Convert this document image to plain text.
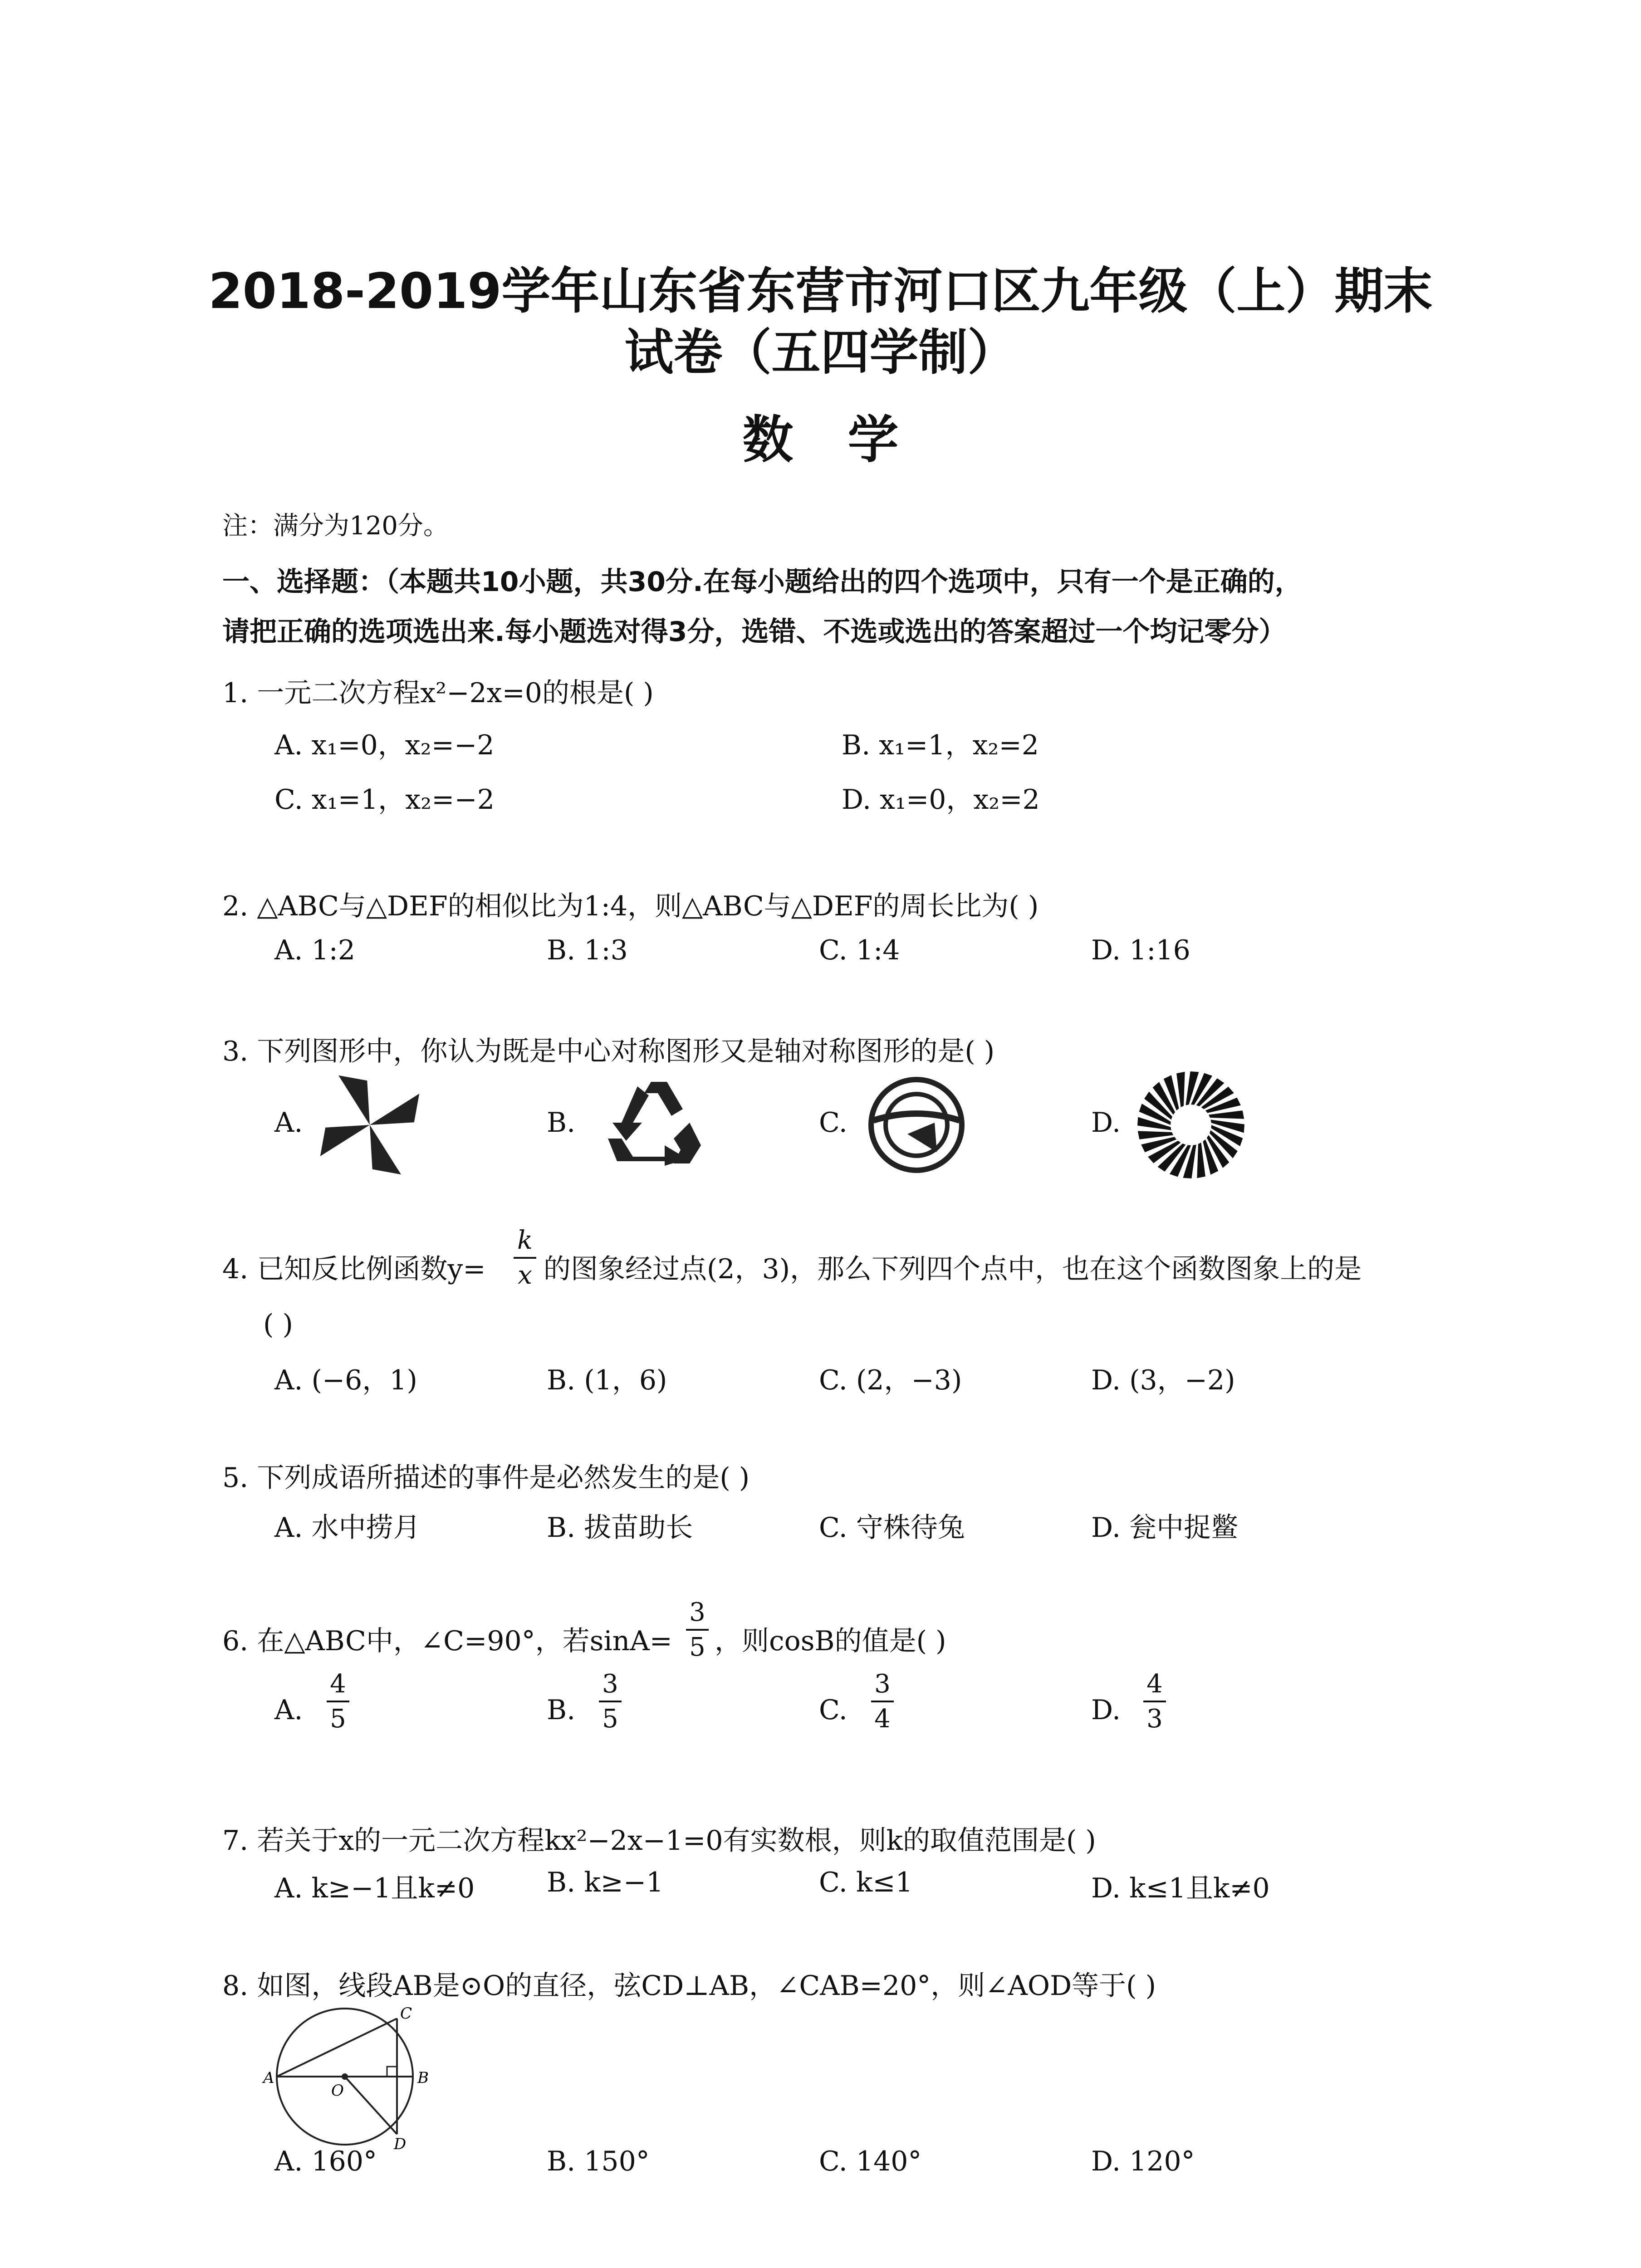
2018-2019学年山东省东营市河口区九年级（上）期末
试卷（五四学制）
数学
注：满分为120分。
一、选择题：（本题共10小题，共30分.在每小题给出的四个选项中，只有一个是正确的，
请把正确的选项选出来.每小题选对得3分，选错、不选或选出的答案超过一个均记零分）
1. 一元二次方程x²−2x=0的根是( )
A. x₁=0，x₂=−2	B. x₁=1，x₂=2
C. x₁=1，x₂=−2	D. x₁=0，x₂=2
2. △ABC与△DEF的相似比为1:4，则△ABC与△DEF的周长比为( )
A. 1:2	B. 1:3	C. 1:4	D. 1:16
3. 下列图形中，你认为既是中心对称图形又是轴对称图形的是( )
A.	B.	C.	D.
4. 已知反比例函数y=
k
x 的图象经过点(2，3)，那么下列四个点中，也在这个函数图象上的是
( )
A. (−6，1)	B. (1，6)	C. (2，−3)	D. (3，−2)
5. 下列成语所描述的事件是必然发生的是( )
A. 水中捞月	B. 拔苗助长	C. 守株待兔	D. 瓮中捉鳖
6. 在△ABC中，∠C=90°，若sinA=
3
5 ，则cosB的值是( )
A.
4
5	B.
3
5	C.
3
4	D.
4
3
7. 若关于x的一元二次方程kx²−2x−1=0有实数根，则k的取值范围是( )
A. k≥−1且k≠0	B. k≥−1	C. k≤1	D. k≤1且k≠0
8. 如图，线段AB是⊙O的直径，弦CD⊥AB，∠CAB=20°，则∠AOD等于( )
A	B
C
D
O
A. 160°	B. 150°	C. 140°	D. 120°
